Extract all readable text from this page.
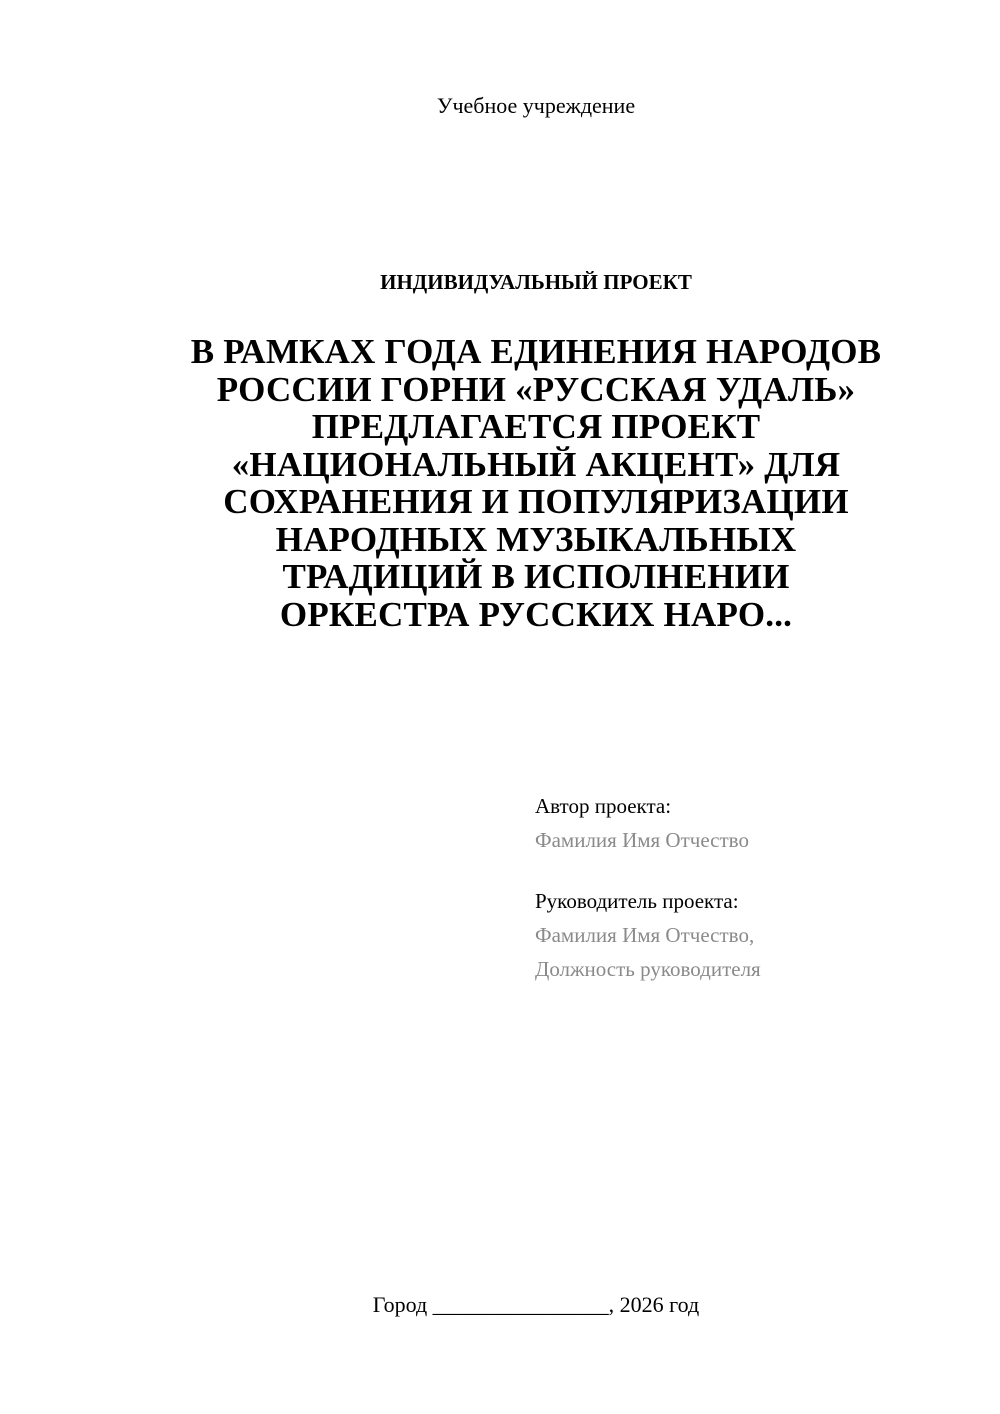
Учебное учреждение
ИНДИВИДУАЛЬНЫЙ ПРОЕКТ
В РАМКАХ ГОДА ЕДИНЕНИЯ НАРОДОВ
РОССИИ ГОРНИ «РУССКАЯ УДАЛЬ»
ПРЕДЛАГАЕТСЯ ПРОЕКТ
«НАЦИОНАЛЬНЫЙ АКЦЕНТ» ДЛЯ
СОХРАНЕНИЯ И ПОПУЛЯРИЗАЦИИ
НАРОДНЫХ МУЗЫКАЛЬНЫХ
ТРАДИЦИЙ В ИСПОЛНЕНИИ
ОРКЕСТРА РУССКИХ НАРО...
Автор проекта:
Фамилия Имя Отчество
Руководитель проекта:
Фамилия Имя Отчество,
Должность руководителя
Город ________________, 2026 год
